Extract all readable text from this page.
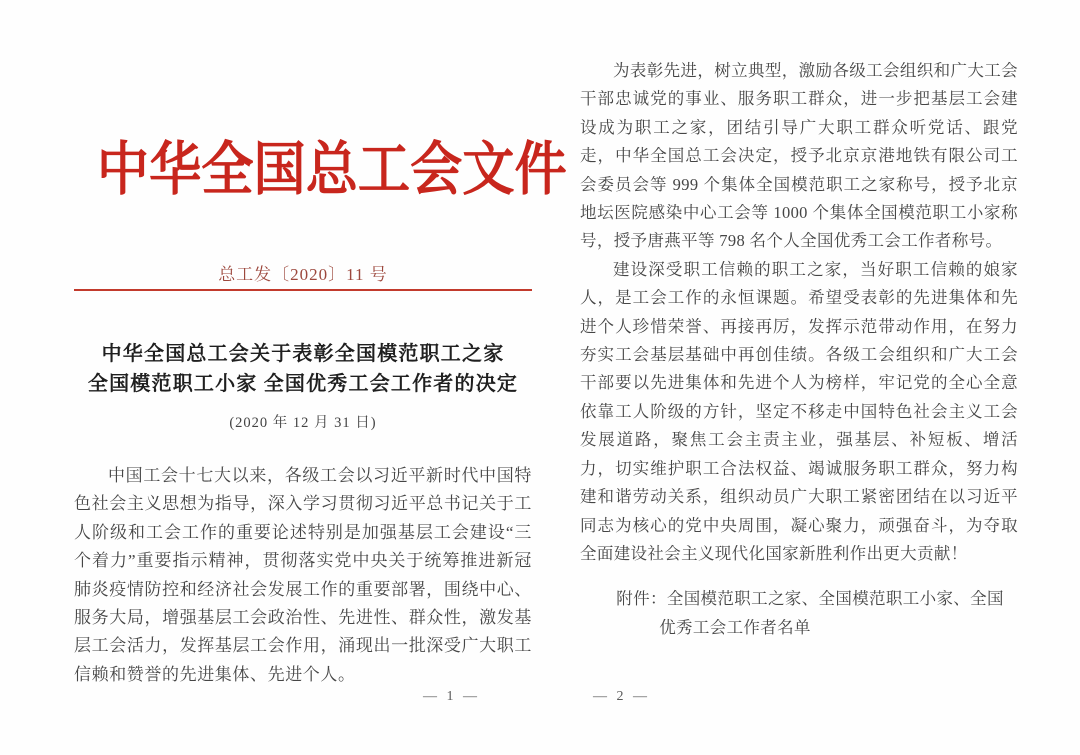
中华全国总工会文件
总工发〔2020〕11 号
中华全国总工会关于表彰全国模范职工之家
全国模范职工小家 全国优秀工会工作者的决定
(2020 年 12 月 31 日)

中国工会十七大以来，各级工会以习近平新时代中国特色社会主义思想为指导，深入学习贯彻习近平总书记关于工人阶级和工会工作的重要论述特别是加强基层工会建设“三个着力”重要指示精神，贯彻落实党中央关于统筹推进新冠肺炎疫情防控和经济社会发展工作的重要部署，围绕中心、服务大局，增强基层工会政治性、先进性、群众性，激发基层工会活力，发挥基层工会作用，涌现出一批深受广大职工信赖和赞誉的先进集体、先进个人。

— 1 —

为表彰先进，树立典型，激励各级工会组织和广大工会干部忠诚党的事业、服务职工群众，进一步把基层工会建设成为职工之家，团结引导广大职工群众听党话、跟党走，中华全国总工会决定，授予北京京港地铁有限公司工会委员会等 999 个集体全国模范职工之家称号，授予北京地坛医院感染中心工会等 1000 个集体全国模范职工小家称号，授予唐燕平等 798 名个人全国优秀工会工作者称号。

建设深受职工信赖的职工之家，当好职工信赖的娘家人，是工会工作的永恒课题。希望受表彰的先进集体和先进个人珍惜荣誉、再接再厉，发挥示范带动作用，在努力夯实工会基层基础中再创佳绩。各级工会组织和广大工会干部要以先进集体和先进个人为榜样，牢记党的全心全意依靠工人阶级的方针，坚定不移走中国特色社会主义工会发展道路，聚焦工会主责主业，强基层、补短板、增活力，切实维护职工合法权益、竭诚服务职工群众，努力构建和谐劳动关系，组织动员广大职工紧密团结在以习近平同志为核心的党中央周围，凝心聚力，顽强奋斗，为夺取全面建设社会主义现代化国家新胜利作出更大贡献！

附件：全国模范职工之家、全国模范职工小家、全国优秀工会工作者名单
— 2 —
